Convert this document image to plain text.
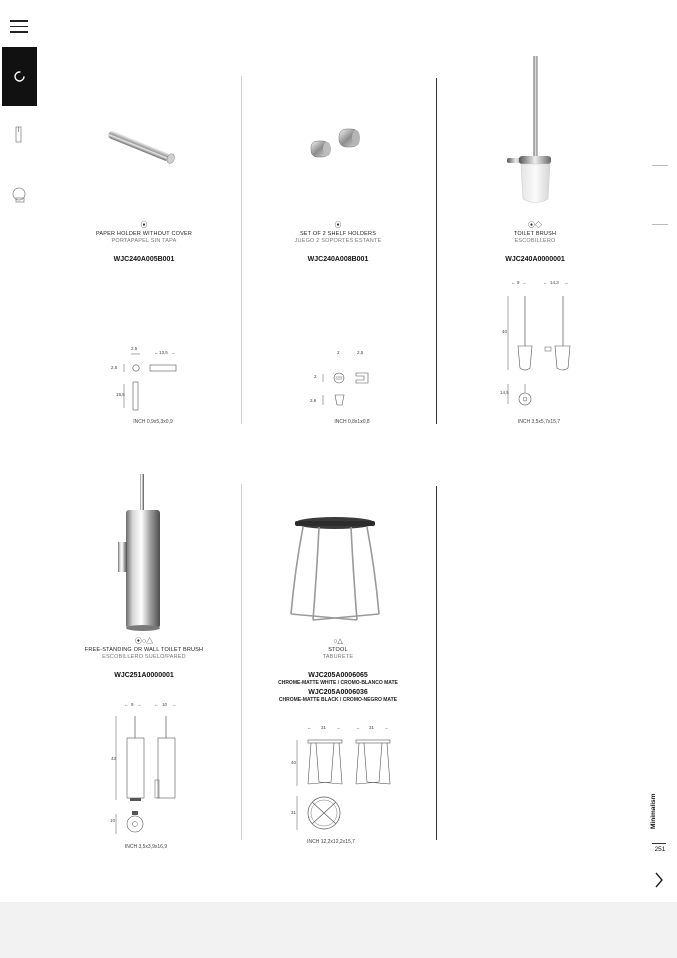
⦿
PAPER HOLDER WITHOUT COVER
PORTAPAPEL SIN TAPA
WJC240A005B001
2,5
← 13,5 →
2,5
15,5
INCH 0,9x5,3x0,9
⦿
SET OF 2 SHELF HOLDERS
JUEGO 2 SOPORTES ESTANTE
WJC240A008B001
2	2,5
2
2,6
INCH 0,8x1x0,8
⦿◇
TOILET BRUSH
ESCOBILLERO
WJC240A0000001
← 9 →	← 14,3 →
40
14,5
INCH 3,5x5,7x15,7
⦿○△
FREE-STANDING OR WALL TOILET BRUSH
ESCOBILLERO SUELO/PARED
WJC251A0000001
← 9 →	← 10 →
43
10
INCH 3,5x3,9x16,9
○△
STOOL
TABURETE
WJC205A0006065
CHROME-MATTE WHITE / CROMO-BLANCO MATE
WJC205A0006036
CHROME-MATTE BLACK / CROMO-NEGRO MATE
← 31 →	← 31 →
40
31
INCH 12,2x12,2x15,7
Minimalism
251
